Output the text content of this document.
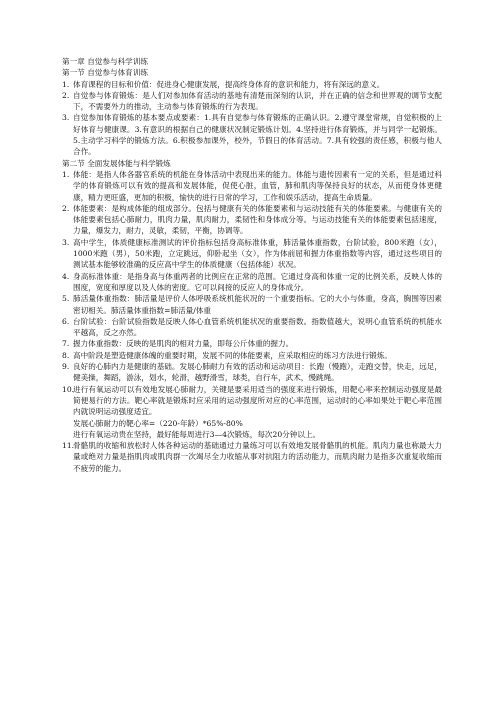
第一章 自觉参与科学训练

第一节 自觉参与体育训练

1. 体育课程的目标和价值：促进身心健康发展，提高终身体育的意识和能力，将有深远的意义。

2. 自觉参与体育锻炼：是人们对参加体育活动的基地有清楚而深刻的认识，并在正确的信念和世界观的调节支配下，不需要外力的推动，主动参与体育锻炼的行为表现。

3. 自觉参加体育锻炼的基本要点或要素：1.具有自觉参与体育锻炼的正确认识。2.遵守课堂常规，自觉积极的上好体育与健康课。3.有意识的根据自己的健康状况制定锻炼计划。4.坚持进行体育锻炼，并与同学一起锻炼。5.主动学习科学的锻炼方法。6.积极参加课外，校外，节假日的体育活动。7.具有较强的责任感，积极与他人合作。

第二节 全面发展体能与科学锻炼

1. 体能：是指人体各器官系统的机能在身体活动中表现出来的能力。体能与遗传因素有一定的关系，但是通过科学的体育锻炼可以有效的提高和发展体能，促使心脏，血管，肺和肌肉等保持良好的状态，从而使身体更健康，精力更旺盛，更加的积极，愉快的进行日常的学习，工作和娱乐活动，提高生命质量。

2. 体能要素：是构成体能的组成部分。包括与健康有关的体能要素和与运动技能有关的体能要素。与健康有关的体能要素包括心肺耐力，肌肉力量，肌肉耐力，柔韧性和身体成分等。与运动技能有关的体能要素包括速度，力量，爆发力，耐力，灵敏，柔韧，平衡，协调等。

3. 高中学生，体质健康标准测试的评价指标包括身高标准体重，肺活量体重指数，台阶试验，800米跑（女），1000米跑（男），50米跑，立定跳远，仰卧起坐（女），作为体前屈和握力体重指数等内容，通过这些项目的测试基本能够较准确的反应高中学生的体质健康（包括体能）状况。

4. 身高标准体重：是指身高与体重两者的比例应在正常的范围。它通过身高和体重一定的比例关系，反映人体的围度，宽度和厚度以及人体的密度。它可以间接的反应人的身体成分。

5. 肺活量体重指数：肺活量是评价人体呼吸系统机能状况的一个重要指标。它的大小与体重，身高，胸围等因素密切相关。肺活量体重指数=肺活量/体重

6. 台阶试验：台阶试验指数是反映人体心血管系统机能状况的重要指数。指数值越大，说明心血管系统的机能水平越高，反之亦然。

7. 握力体重指数：反映的是肌肉的相对力量，即每公斤体重的握力。

8. 高中阶段是塑造健康体魄的重要时期，发展不同的体能要素，应采取相应的练习方法进行锻炼。

9. 良好的心肺内力是健康的基础。发展心肺耐力有效的活动和运动项目：长跑（慢跑），走跑交替，快走，远足，健美操，舞蹈，游泳，划水，轮滑，越野滑雪，球类，自行车，武术，慢跳绳。

10.

进行有氧运动可以有效地发展心肺耐力，关键是要采用适当的强度来进行锻炼，用靶心率来控制运动强度是最简便易行的方法。靶心率就是锻炼时应采用的运动强度所对应的心率范围，运动时的心率如果处于靶心率范围内就说明运动强度适宜。

发展心肺耐力的靶心率=（220-年龄）*65%-80%

进行有氧运动贵在坚持，最好能每周进行3—4次锻炼，每次20分钟以上。

11.

骨骼肌的收缩和放松时人体各种运动的基础通过力量练习可以有效地发展骨骼肌的机能。肌肉力量也称最大力量或绝对力量是指肌肉或肌肉群一次竭尽全力收缩从事对抗阻力的活动能力，而肌肉耐力是指多次重复收缩而不疲劳的能力。
